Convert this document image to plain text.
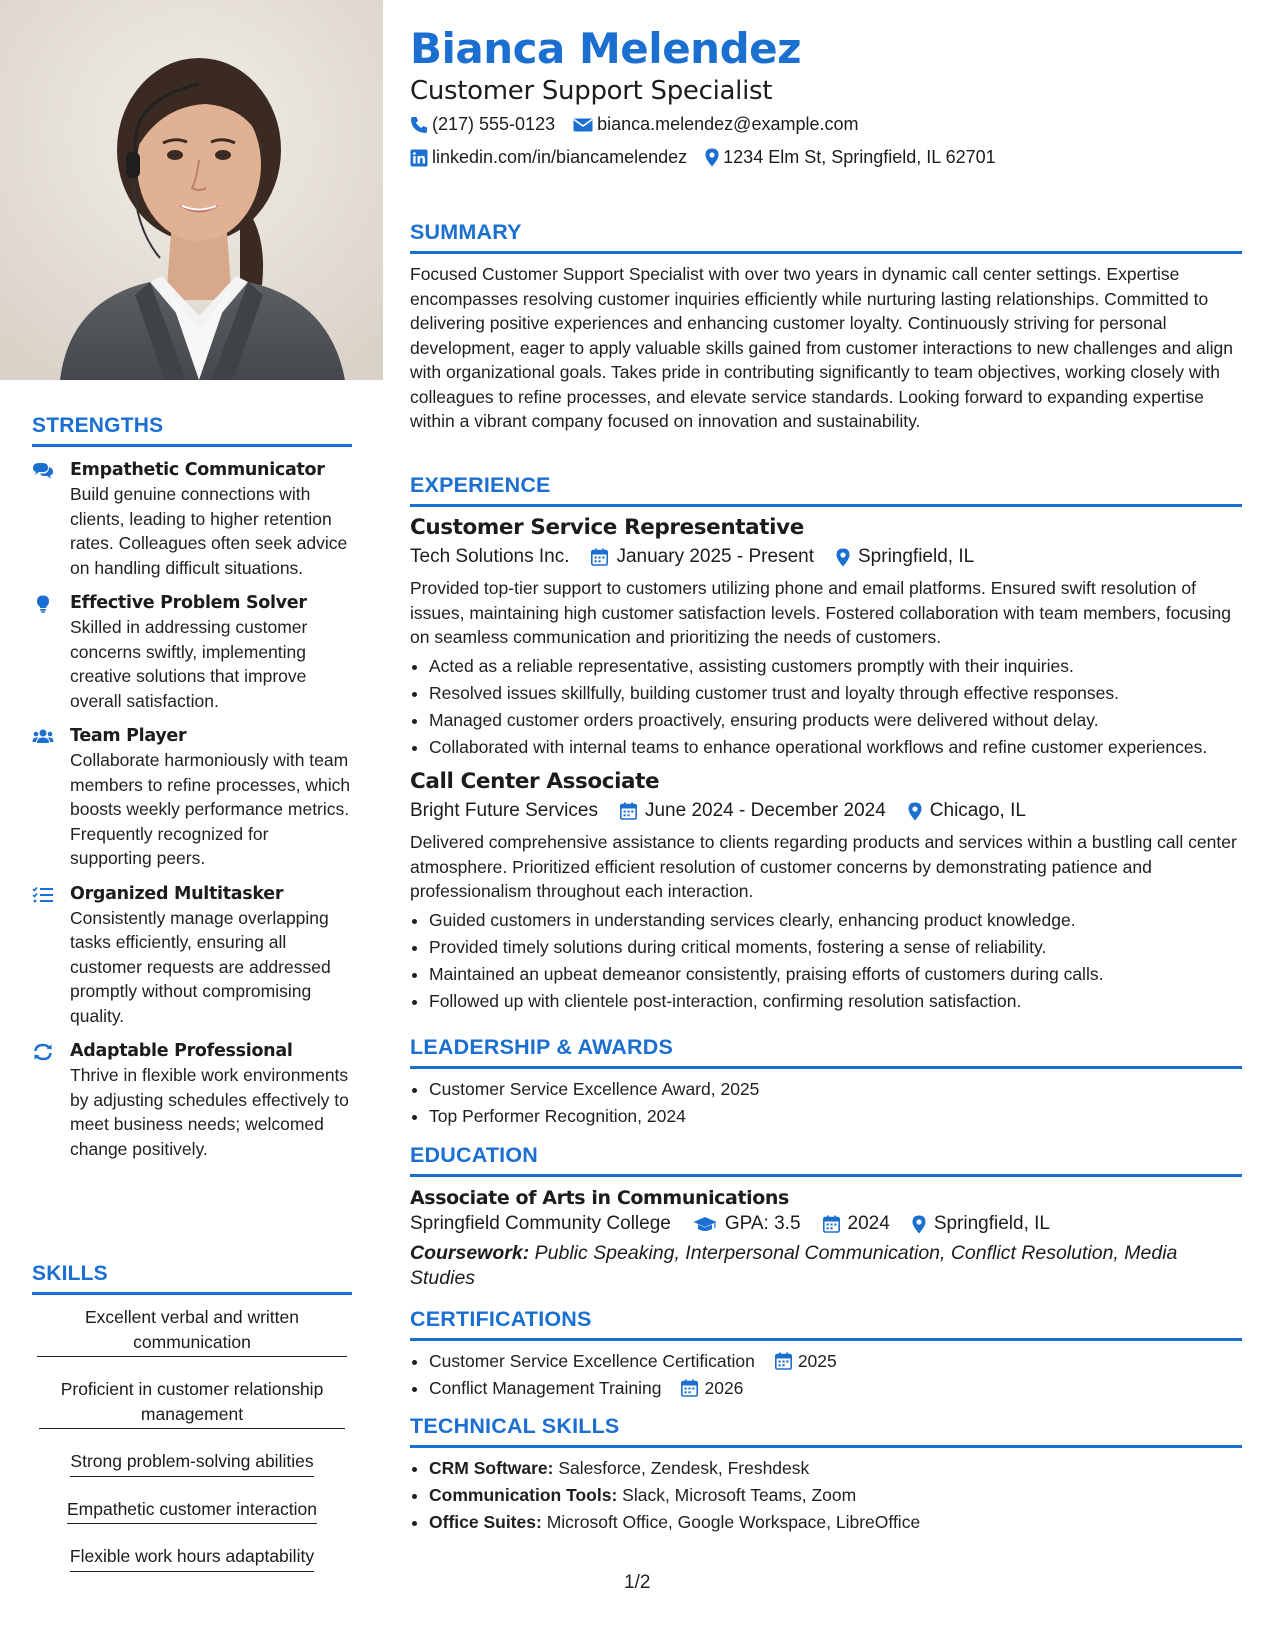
STRENGTHS
Empathetic Communicator
Build genuine connections with clients, leading to higher retention rates. Colleagues often seek advice on handling difficult situations.
Effective Problem Solver
Skilled in addressing customer concerns swiftly, implementing creative solutions that improve overall satisfaction.
Team Player
Collaborate harmoniously with team members to refine processes, which boosts weekly performance metrics. Frequently recognized for supporting peers.
Organized Multitasker
Consistently manage overlapping tasks efficiently, ensuring all customer requests are addressed promptly without compromising quality.
Adaptable Professional
Thrive in flexible work environments by adjusting schedules effectively to meet business needs; welcomed change positively.
SKILLS
Excellent verbal and written communication
Proficient in customer relationship management
Strong problem-solving abilities
Empathetic customer interaction
Flexible work hours adaptability
Bianca Melendez
Customer Support Specialist
(217) 555-0123 bianca.melendez@example.com
linkedin.com/in/biancamelendez 1234 Elm St, Springfield, IL 62701
SUMMARY
Focused Customer Support Specialist with over two years in dynamic call center settings. Expertise encompasses resolving customer inquiries efficiently while nurturing lasting relationships. Committed to delivering positive experiences and enhancing customer loyalty. Continuously striving for personal development, eager to apply valuable skills gained from customer interactions to new challenges and align with organizational goals. Takes pride in contributing significantly to team objectives, working closely with colleagues to refine processes, and elevate service standards. Looking forward to expanding expertise within a vibrant company focused on innovation and sustainability.
EXPERIENCE
Customer Service Representative
Tech Solutions Inc. January 2025 - Present Springfield, IL
Provided top-tier support to customers utilizing phone and email platforms. Ensured swift resolution of issues, maintaining high customer satisfaction levels. Fostered collaboration with team members, focusing on seamless communication and prioritizing the needs of customers.
• Acted as a reliable representative, assisting customers promptly with their inquiries.
• Resolved issues skillfully, building customer trust and loyalty through effective responses.
• Managed customer orders proactively, ensuring products were delivered without delay.
• Collaborated with internal teams to enhance operational workflows and refine customer experiences.
Call Center Associate
Bright Future Services June 2024 - December 2024 Chicago, IL
Delivered comprehensive assistance to clients regarding products and services within a bustling call center atmosphere. Prioritized efficient resolution of customer concerns by demonstrating patience and professionalism throughout each interaction.
• Guided customers in understanding services clearly, enhancing product knowledge.
• Provided timely solutions during critical moments, fostering a sense of reliability.
• Maintained an upbeat demeanor consistently, praising efforts of customers during calls.
• Followed up with clientele post-interaction, confirming resolution satisfaction.
LEADERSHIP & AWARDS
• Customer Service Excellence Award, 2025
• Top Performer Recognition, 2024
EDUCATION
Associate of Arts in Communications
Springfield Community College	GPA: 3.5 2024 Springfield, IL
Coursework: Public Speaking, Interpersonal Communication, Conflict Resolution, Media Studies
CERTIFICATIONS
• Customer Service Excellence Certification 2025
• Conflict Management Training 2026
TECHNICAL SKILLS
• CRM Software: Salesforce, Zendesk, Freshdesk
• Communication Tools: Slack, Microsoft Teams, Zoom
• Office Suites: Microsoft Office, Google Workspace, LibreOffice
1/2
